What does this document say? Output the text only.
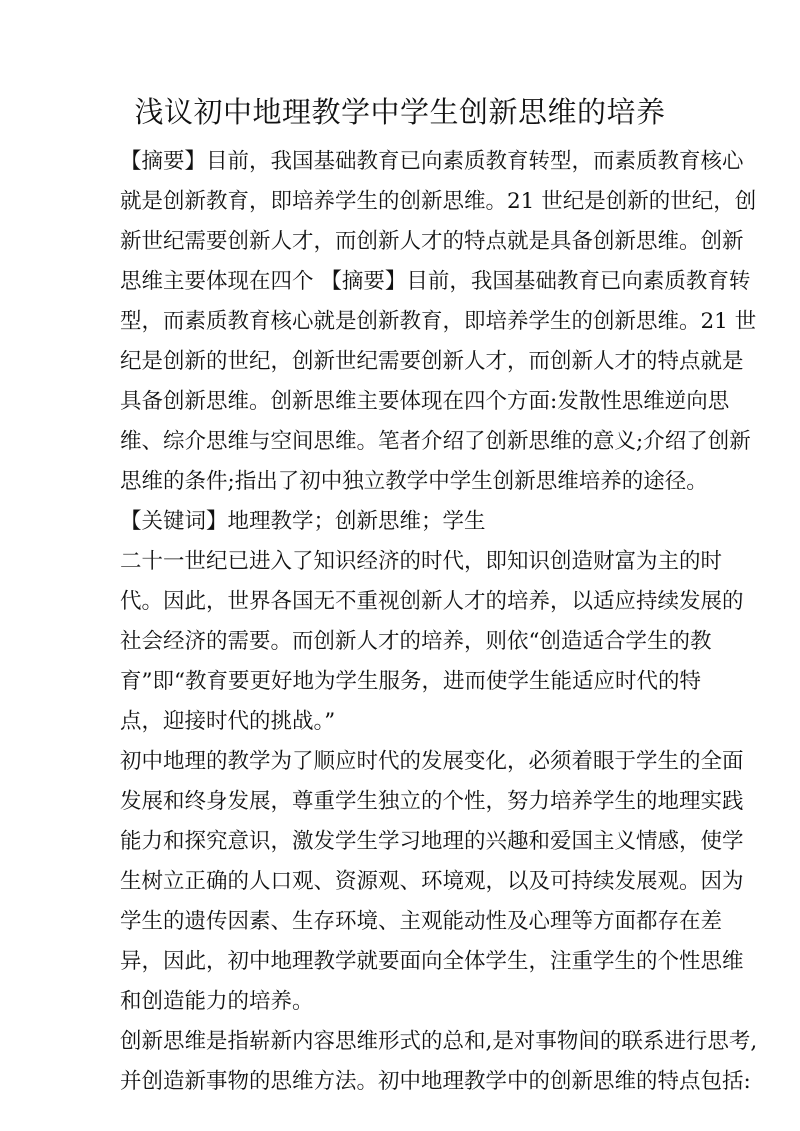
浅议初中地理教学中学生创新思维的培养
【摘要】目前，我国基础教育已向素质教育转型，而素质教育核心
就是创新教育，即培养学生的创新思维。21 世纪是创新的世纪，创
新世纪需要创新人才，而创新人才的特点就是具备创新思维。创新
思维主要体现在四个 【摘要】目前，我国基础教育已向素质教育转
型，而素质教育核心就是创新教育，即培养学生的创新思维。21 世
纪是创新的世纪，创新世纪需要创新人才，而创新人才的特点就是
具备创新思维。创新思维主要体现在四个方面:发散性思维逆向思
维、综介思维与空间思维。笔者介绍了创新思维的意义;介绍了创新
思维的条件;指出了初中独立教学中学生创新思维培养的途径。
【关键词】地理教学；创新思维；学生
二十一世纪已进入了知识经济的时代，即知识创造财富为主的时
代。因此，世界各国无不重视创新人才的培养，以适应持续发展的
社会经济的需要。而创新人才的培养，则依“创造适合学生的教
育”即“教育要更好地为学生服务，进而使学生能适应时代的特
点，迎接时代的挑战。”
初中地理的教学为了顺应时代的发展变化，必须着眼于学生的全面
发展和终身发展，尊重学生独立的个性，努力培养学生的地理实践
能力和探究意识，激发学生学习地理的兴趣和爱国主义情感，使学
生树立正确的人口观、资源观、环境观，以及可持续发展观。因为
学生的遗传因素、生存环境、主观能动性及心理等方面都存在差
异，因此，初中地理教学就要面向全体学生，注重学生的个性思维
和创造能力的培养。
创新思维是指崭新内容思维形式的总和,是对事物间的联系进行思考,
并创造新事物的思维方法。初中地理教学中的创新思维的特点包括:
